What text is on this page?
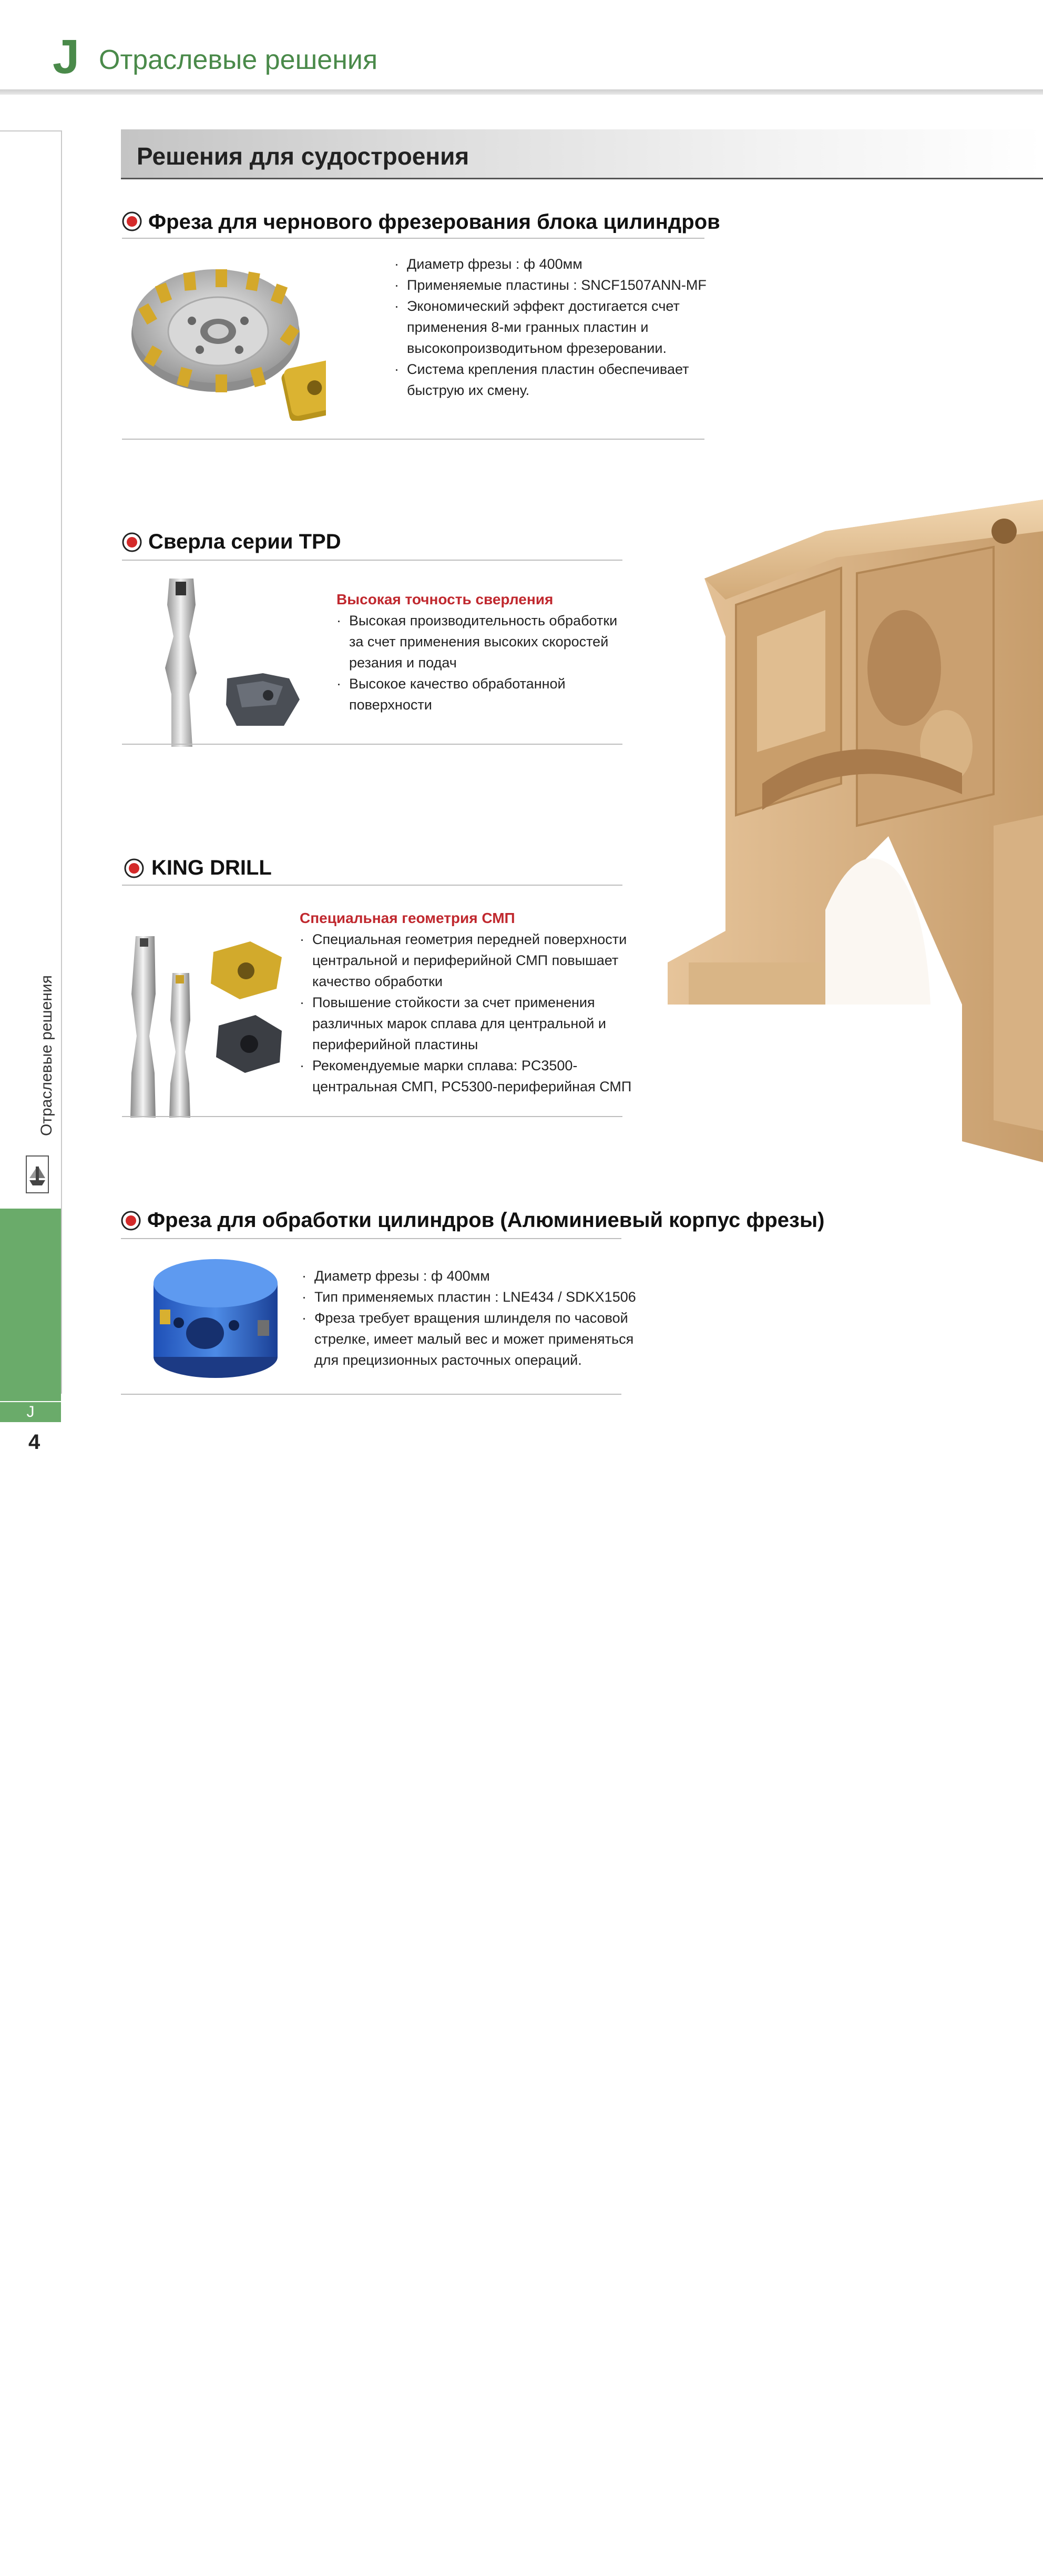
J Отраслевые решения
Отраслевые решения
Отраслевые
решения
J
4
Решения для судостроения
Фреза для чернового фрезерования блока цилиндров
· Диаметр фрезы : ф 400мм
· Применяемые пластины : SNCF1507ANN-MF
· Экономический эффект достигается счет
применения 8-ми гранных пластин и
высокопроизводитьном фрезеровании.
· Система крепления пластин обеспечивает
быструю их смену.
Сверла серии TPD
Высокая точность сверления
· Высокая производительность обработки
за счет применения высоких скоростей
резания и подач
· Высокое качество обработанной
поверхности
KING DRILL
Специальная геометрия СМП
· Специальная геометрия передней поверхности
центральной и периферийной СМП повышает
качество обработки
· Повышение стойкости за счет применения
различных марок сплава для центральной и
периферийной пластины
· Рекомендуемые марки сплава: PC3500-
центральная СМП, PC5300-периферийная СМП
Фреза для обработки цилиндров (Алюминиевый корпус фрезы)
· Диаметр фрезы : ф 400мм
· Тип применяемых пластин : LNE434 / SDKX1506
· Фреза требует вращения шлинделя по часовой
стрелке, имеет малый вес и может применяться
для прецизионных расточных операций.
